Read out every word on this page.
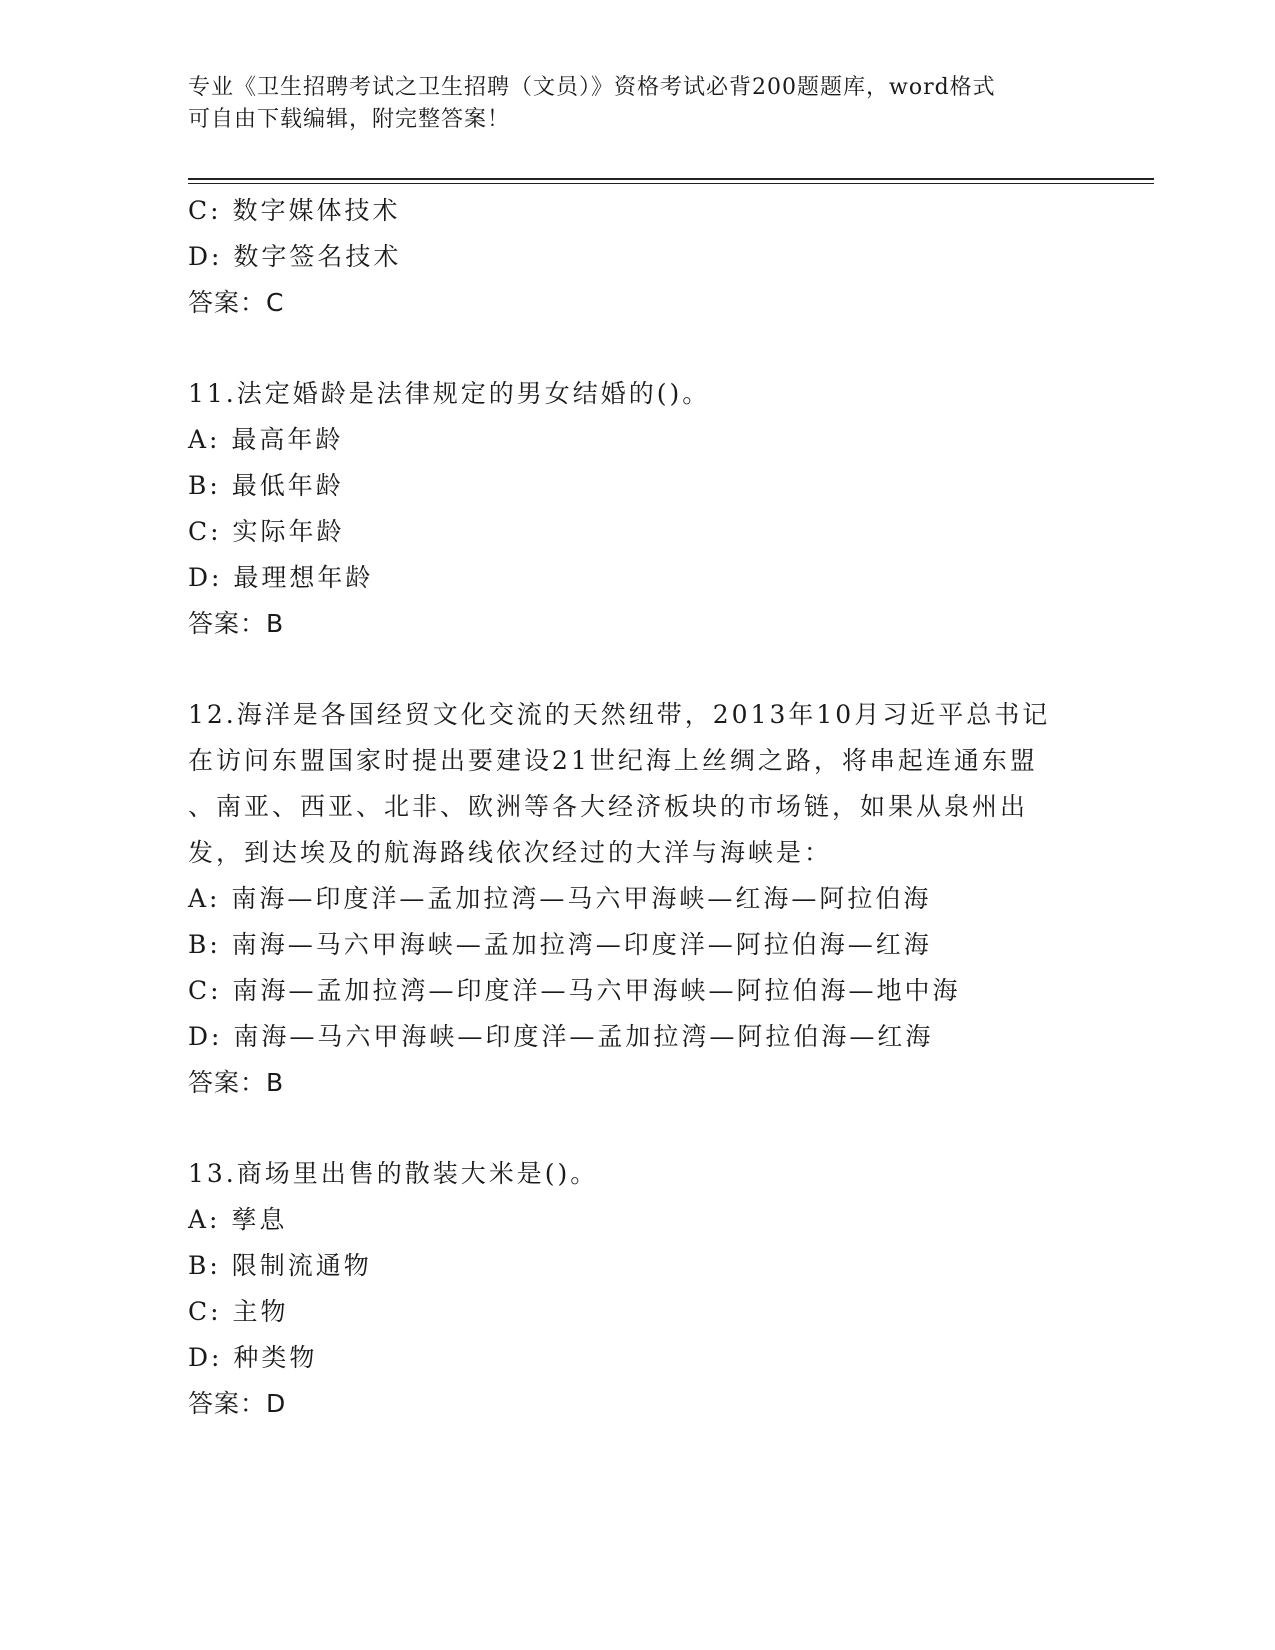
专业《卫生招聘考试之卫生招聘（文员）》资格考试必背200题题库，word格式
可自由下载编辑，附完整答案！
C: 数字媒体技术
D: 数字签名技术
答案：C
11.法定婚龄是法律规定的男女结婚的()。
A: 最高年龄
B: 最低年龄
C: 实际年龄
D: 最理想年龄
答案：B
12.海洋是各国经贸文化交流的天然纽带，2013年10月习近平总书记
在访问东盟国家时提出要建设21世纪海上丝绸之路，将串起连通东盟
、南亚、西亚、北非、欧洲等各大经济板块的市场链，如果从泉州出
发，到达埃及的航海路线依次经过的大洋与海峡是：
A: 南海—印度洋—孟加拉湾—马六甲海峡—红海—阿拉伯海
B: 南海—马六甲海峡—孟加拉湾—印度洋—阿拉伯海—红海
C: 南海—孟加拉湾—印度洋—马六甲海峡—阿拉伯海—地中海
D: 南海—马六甲海峡—印度洋—孟加拉湾—阿拉伯海—红海
答案：B
13.商场里出售的散装大米是()。
A: 孳息
B: 限制流通物
C: 主物
D: 种类物
答案：D
